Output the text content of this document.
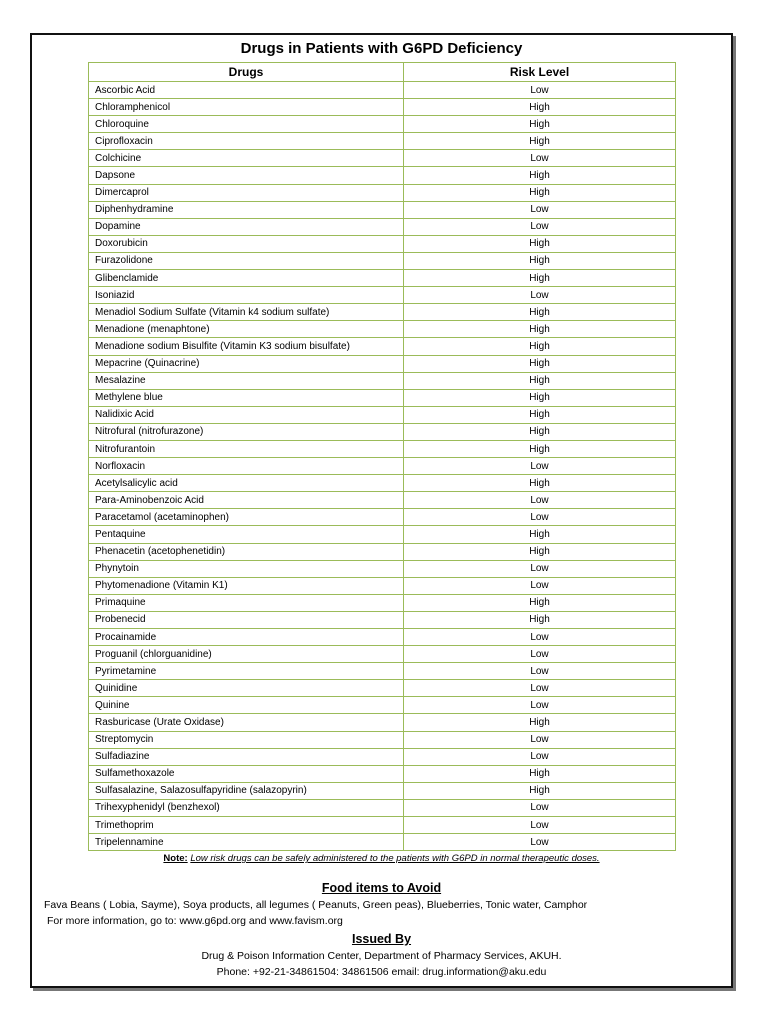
Drugs in Patients with G6PD Deficiency
Drugs	Risk Level
Ascorbic Acid	Low
Chloramphenicol	High
Chloroquine	High
Ciprofloxacin	High
Colchicine	Low
Dapsone	High
Dimercaprol	High
Diphenhydramine	Low
Dopamine	Low
Doxorubicin	High
Furazolidone	High
Glibenclamide	High
Isoniazid	Low
Menadiol Sodium Sulfate (Vitamin k4 sodium sulfate)	High
Menadione (menaphtone)	High
Menadione sodium Bisulfite (Vitamin K3 sodium bisulfate)	High
Mepacrine (Quinacrine)	High
Mesalazine	High
Methylene blue	High
Nalidixic Acid	High
Nitrofural (nitrofurazone)	High
Nitrofurantoin	High
Norfloxacin	Low
Acetylsalicylic acid	High
Para-Aminobenzoic Acid	Low
Paracetamol (acetaminophen)	Low
Pentaquine	High
Phenacetin (acetophenetidin)	High
Phynytoin	Low
Phytomenadione (Vitamin K1)	Low
Primaquine	High
Probenecid	High
Procainamide	Low
Proguanil (chlorguanidine)	Low
Pyrimetamine	Low
Quinidine	Low
Quinine	Low
Rasburicase (Urate Oxidase)	High
Streptomycin	Low
Sulfadiazine	Low
Sulfamethoxazole	High
Sulfasalazine, Salazosulfapyridine (salazopyrin)	High
Trihexyphenidyl (benzhexol)	Low
Trimethoprim	Low
Tripelennamine	Low
Note: Low risk drugs can be safely administered to the patients with G6PD in normal therapeutic doses.
Food items to Avoid
Fava Beans ( Lobia, Sayme), Soya products, all legumes ( Peanuts, Green peas), Blueberries, Tonic water, Camphor
For more information, go to: www.g6pd.org and www.favism.org
Issued By
Drug & Poison Information Center, Department of Pharmacy Services, AKUH.
Phone: +92-21-34861504: 34861506 email: drug.information@aku.edu
